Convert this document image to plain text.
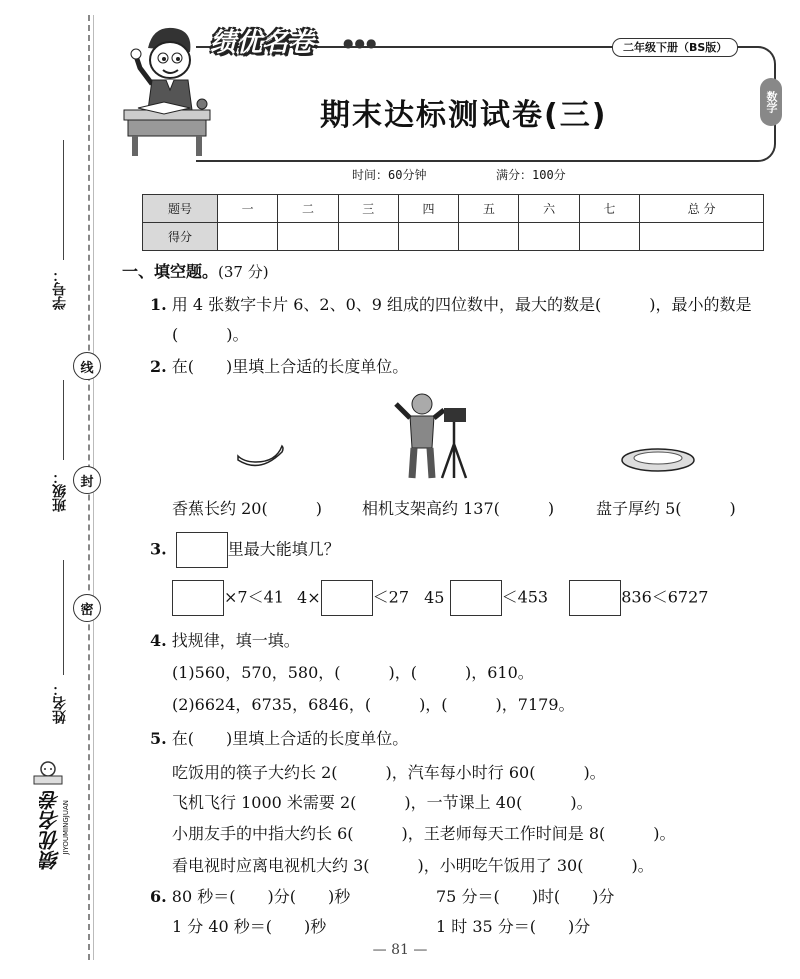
学号：
班级：
姓名：
线
封
密
绩优名卷 JIYOUMINGJUAN
绩优名卷 ●●●	二年级下册（BS版）
期末达标测试卷(三)	数学
时间：60分钟	满分：100分
题号	一	二	三	四	五	六	七	总 分
得分								
一、填空题。(37 分)
1. 用 4 张数字卡片 6、2、0、9 组成的四位数中，最大的数是(　　　)，最小的数是
(　　　)。
2. 在(　　)里填上合适的长度单位。
香蕉长约 20(　　　)	相机支架高约 137(　　　)	盘子厚约 5(　　　)
3.	里最大能填几？
×7＜41 4×	＜27 45	＜453	836＜6727
4. 找规律，填一填。
(1)560，570，580，(　　　)，(　　　)，610。
(2)6624，6735，6846，(　　　)，(　　　)，7179。
5. 在(　　)里填上合适的长度单位。
吃饭用的筷子大约长 2(　　　)，汽车每小时行 60(　　　)。
飞机飞行 1000 米需要 2(　　　)，一节课上 40(　　　)。
小朋友手的中指大约长 6(　　　)，王老师每天工作时间是 8(　　　)。
看电视时应离电视机大约 3(　　　)，小明吃午饭用了 30(　　　)。
6. 80 秒＝(　　)分(　　)秒	75 分＝(　　)时(　　)分
1 分 40 秒＝(　　)秒	1 时 35 分＝(　　)分
— 81 —
